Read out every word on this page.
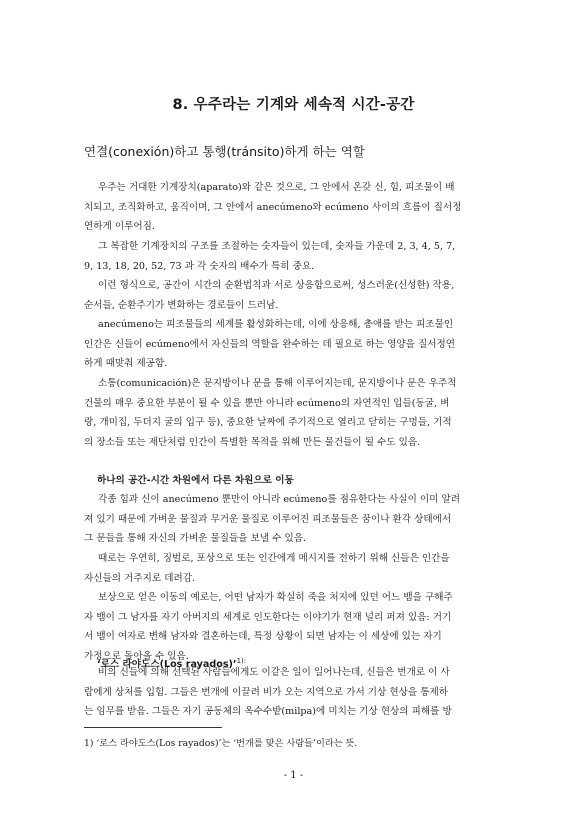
8. 우주라는 기계와 세속적 시간-공간
연결(conexión)하고 통행(tránsito)하게 하는 역할
우주는 거대한 기계장치(aparato)와 같은 것으로, 그 안에서 온갖 신, 힘, 피조물이 배
치되고, 조직화하고, 움직이며, 그 안에서 anecúmeno와 ecúmeno 사이의 흐름이 질서정
연하게 이루어짐.
그 복잡한 기계장치의 구조를 조절하는 숫자들이 있는데, 숫자들 가운데 2, 3, 4, 5, 7,
9, 13, 18, 20, 52, 73 과 각 숫자의 배수가 특히 중요.
이런 형식으로, 공간이 시간의 순환법칙과 서로 상응함으로써, 성스러운(신성한) 작용,
순서들, 순환주기가 변화하는 경로들이 드러남.
anecúmeno는 피조물들의 세계를 활성화하는데, 이에 상응해, 총애를 받는 피조물인
인간은 신들이 ecúmeno에서 자신들의 역할을 완수하는 데 필요로 하는 영양을 질서정연
하게 때맞춰 제공함.
소통(comunicación)은 문지방이나 문을 통해 이루어지는데, 문지방이나 문은 우주적
건물의 매우 중요한 부분이 될 수 있을 뿐만 아니라 ecúmeno의 자연적인 입들(동굴, 벼
랑, 개미집, 두더지 굴의 입구 등), 중요한 날짜에 주기적으로 열리고 닫히는 구멍들, 기적
의 장소들 또는 제단처럼 인간이 특별한 목적을 위해 만든 물건들이 될 수도 있음.
하나의 공간-시간 차원에서 다른 차원으로 이동
각종 힘과 신이 anecúmeno 뿐만이 아니라 ecúmeno를 점유한다는 사실이 이미 알려
져 있기 때문에 가벼운 물질과 무거운 물질로 이루어진 피조물들은 꿈이나 환각 상태에서
그 문들을 통해 자신의 가벼운 물질들을 보낼 수 있음.
때로는 우연히, 징벌로, 포상으로 또는 인간에게 메시지를 전하기 위해 신들은 인간을
자신들의 거주지로 데려감.
보상으로 얻은 이동의 예로는, 어떤 남자가 확실히 죽을 처지에 있던 어느 뱀을 구해주
자 뱀이 그 남자를 자기 아버지의 세계로 인도한다는 이야기가 현재 널리 퍼져 있음: 거기
서 뱀이 여자로 변해 남자와 결혼하는데, 특정 상황이 되면 남자는 이 세상에 있는 자기
가정으로 돌아올 수 있음.
‘로스 라야도스(Los rayados)’$^{1):}$
비의 신들에 의해 선택된 사람들에게도 이같은 일이 일어나는데, 신들은 번개로 이 사
람에게 상처를 입힘. 그들은 번개에 이끌려 비가 오는 지역으로 가서 기상 현상을 통제하
는 임무를 받음. 그들은 자기 공동체의 옥수수밭(milpa)에 미치는 기상 현상의 피해를 방
1) ‘로스 라야도스(Los rayados)’는 ‘번개를 맞은 사람들’이라는 뜻.
- 1 -
